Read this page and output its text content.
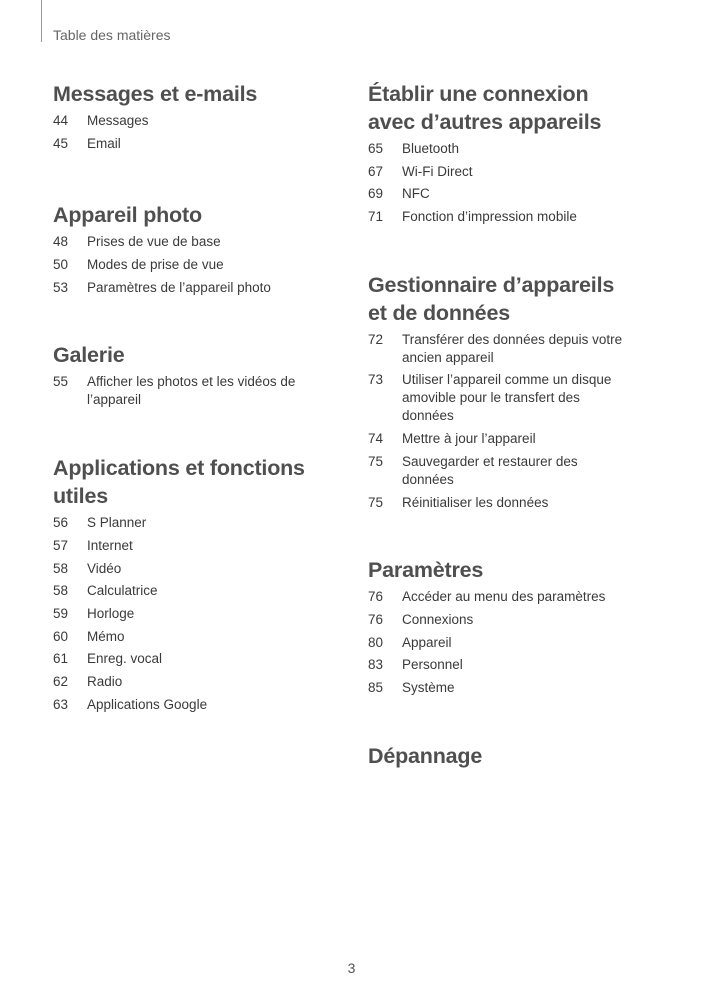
Table des matières
Messages et e-mails
44	Messages
45	Email
Appareil photo
48	Prises de vue de base
50	Modes de prise de vue
53	Paramètres de l’appareil photo
Galerie
55	Afficher les photos et les vidéos de l’appareil
Applications et fonctions utiles
56	S Planner
57	Internet
58	Vidéo
58	Calculatrice
59	Horloge
60	Mémo
61	Enreg. vocal
62	Radio
63	Applications Google
Établir une connexion avec d’autres appareils
65	Bluetooth
67	Wi-Fi Direct
69	NFC
71	Fonction d’impression mobile
Gestionnaire d’appareils et de données
72	Transférer des données depuis votre ancien appareil
73	Utiliser l’appareil comme un disque amovible pour le transfert des données
74	Mettre à jour l’appareil
75	Sauvegarder et restaurer des données
75	Réinitialiser les données
Paramètres
76	Accéder au menu des paramètres
76	Connexions
80	Appareil
83	Personnel
85	Système
Dépannage
3
